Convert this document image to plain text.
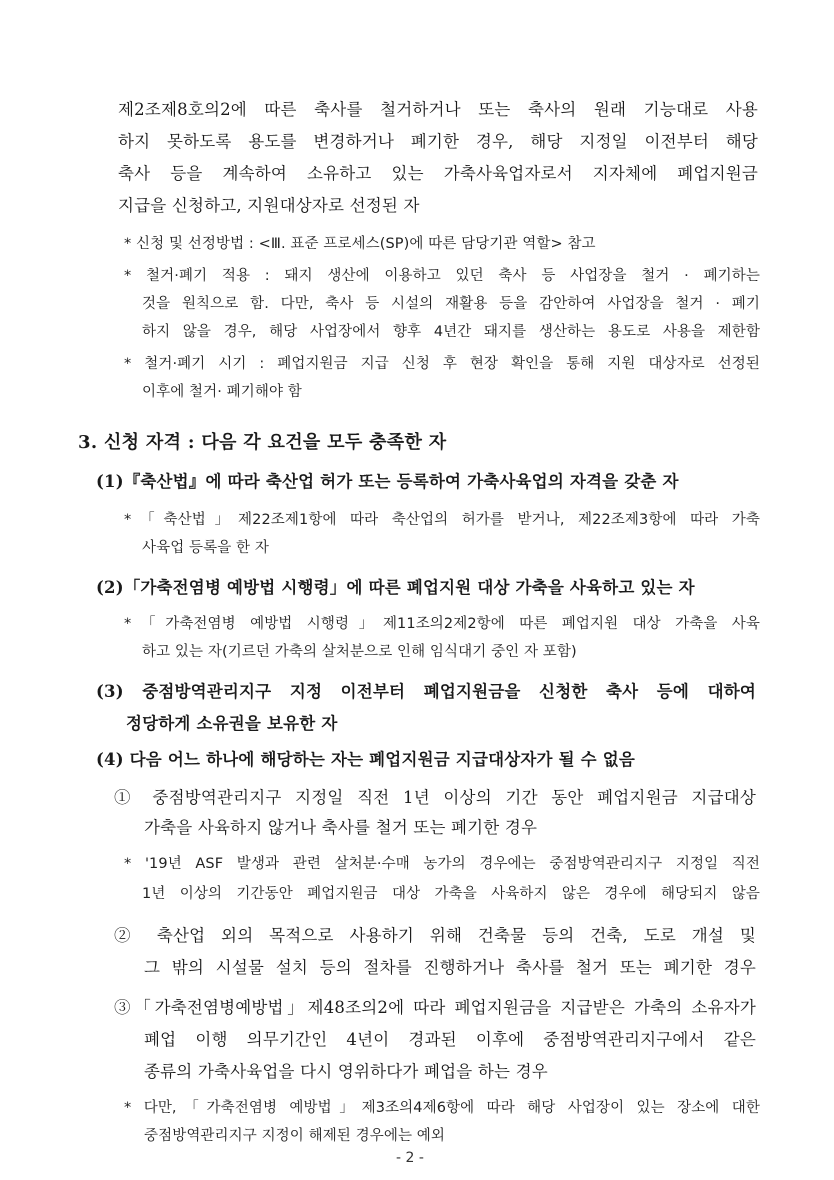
제2조제8호의2에 따른 축사를 철거하거나 또는 축사의 원래 기능대로 사용
하지 못하도록 용도를 변경하거나 폐기한 경우, 해당 지정일 이전부터 해당
축사 등을 계속하여 소유하고 있는 가축사육업자로서 지자체에 폐업지원금
지급을 신청하고, 지원대상자로 선정된 자
* 신청 및 선정방법 : <Ⅲ. 표준 프로세스(SP)에 따른 담당기관 역할> 참고
* 철거·폐기 적용 : 돼지 생산에 이용하고 있던 축사 등 사업장을 철거 · 폐기하는
것을 원칙으로 함. 다만, 축사 등 시설의 재활용 등을 감안하여 사업장을 철거 · 폐기
하지 않을 경우, 해당 사업장에서 향후 4년간 돼지를 생산하는 용도로 사용을 제한함
* 철거·폐기 시기 : 폐업지원금 지급 신청 후 현장 확인을 통해 지원 대상자로 선정된
이후에 철거· 폐기해야 함
3. 신청 자격 : 다음 각 요건을 모두 충족한 자
(1)『축산법』에 따라 축산업 허가 또는 등록하여 가축사육업의 자격을 갖춘 자
*「축산법」제22조제1항에 따라 축산업의 허가를 받거나, 제22조제3항에 따라 가축
사육업 등록을 한 자
(2)「가축전염병 예방법 시행령」에 따른 폐업지원 대상 가축을 사육하고 있는 자
*「가축전염병 예방법 시행령」제11조의2제2항에 따른 폐업지원 대상 가축을 사육
하고 있는 자(기르던 가축의 살처분으로 인해 임식대기 중인 자 포함)
(3) 중점방역관리지구 지정 이전부터 폐업지원금을 신청한 축사 등에 대하여
정당하게 소유권을 보유한 자
(4) 다음 어느 하나에 해당하는 자는 폐업지원금 지급대상자가 될 수 없음
① 중점방역관리지구 지정일 직전 1년 이상의 기간 동안 폐업지원금 지급대상
가축을 사육하지 않거나 축사를 철거 또는 폐기한 경우
* '19년 ASF 발생과 관련 살처분·수매 농가의 경우에는 중점방역관리지구 지정일 직전
1년 이상의 기간동안 폐업지원금 대상 가축을 사육하지 않은 경우에 해당되지 않음
② 축산업 외의 목적으로 사용하기 위해 건축물 등의 건축, 도로 개설 및
그 밖의 시설물 설치 등의 절차를 진행하거나 축사를 철거 또는 폐기한 경우
③「가축전염병예방법」제48조의2에 따라 폐업지원금을 지급받은 가축의 소유자가
폐업 이행 의무기간인 4년이 경과된 이후에 중점방역관리지구에서 같은
종류의 가축사육업을 다시 영위하다가 폐업을 하는 경우
* 다만,「가축전염병 예방법」제3조의4제6항에 따라 해당 사업장이 있는 장소에 대한
중점방역관리지구 지정이 해제된 경우에는 예외
- 2 -
